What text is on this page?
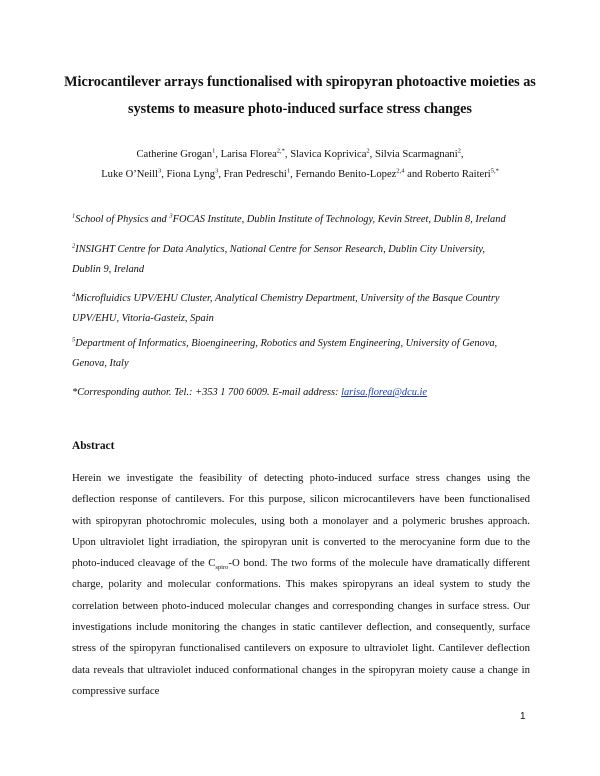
Microcantilever arrays functionalised with spiropyran photoactive moieties as
systems to measure photo-induced surface stress changes
Catherine Grogan$^1$, Larisa Florea$^{2,*}$, Slavica Koprivica$^2$, Silvia Scarmagnani$^2$,
Luke O’Neill$^3$, Fiona Lyng$^3$, Fran Pedreschi$^1$, Fernando Benito-Lopez$^{2,4}$ and Roberto Raiteri$^{5,*}$
$^1$School of Physics and $^3$FOCAS Institute, Dublin Institute of Technology, Kevin Street, Dublin 8, Ireland
$^2$INSIGHT Centre for Data Analytics, National Centre for Sensor Research, Dublin City University,
Dublin 9, Ireland
$^4$Microfluidics UPV/EHU Cluster, Analytical Chemistry Department, University of the Basque Country
UPV/EHU, Vitoria-Gasteiz, Spain
$^5$Department of Informatics, Bioengineering, Robotics and System Engineering, University of Genova,
Genova, Italy
*Corresponding author. Tel.: +353 1 700 6009. E-mail address: larisa.florea@dcu.ie
Abstract
Herein we investigate the feasibility of detecting photo-induced surface stress changes using the deflection response of cantilevers. For this purpose, silicon microcantilevers have been functionalised with spiropyran photochromic molecules, using both a monolayer and a polymeric brushes approach. Upon ultraviolet light irradiation, the spiropyran unit is converted to the merocyanine form due to the photo-induced cleavage of the $C_{spiro}-O$ bond. The two forms of the molecule have dramatically different charge, polarity and molecular conformations. This makes spiropyrans an ideal system to study the correlation between photo-induced molecular changes and corresponding changes in surface stress. Our investigations include monitoring the changes in static cantilever deflection, and consequently, surface stress of the spiropyran functionalised cantilevers on exposure to ultraviolet light. Cantilever deflection data reveals that ultraviolet induced conformational changes in the spiropyran moiety cause a change in compressive surface
1
